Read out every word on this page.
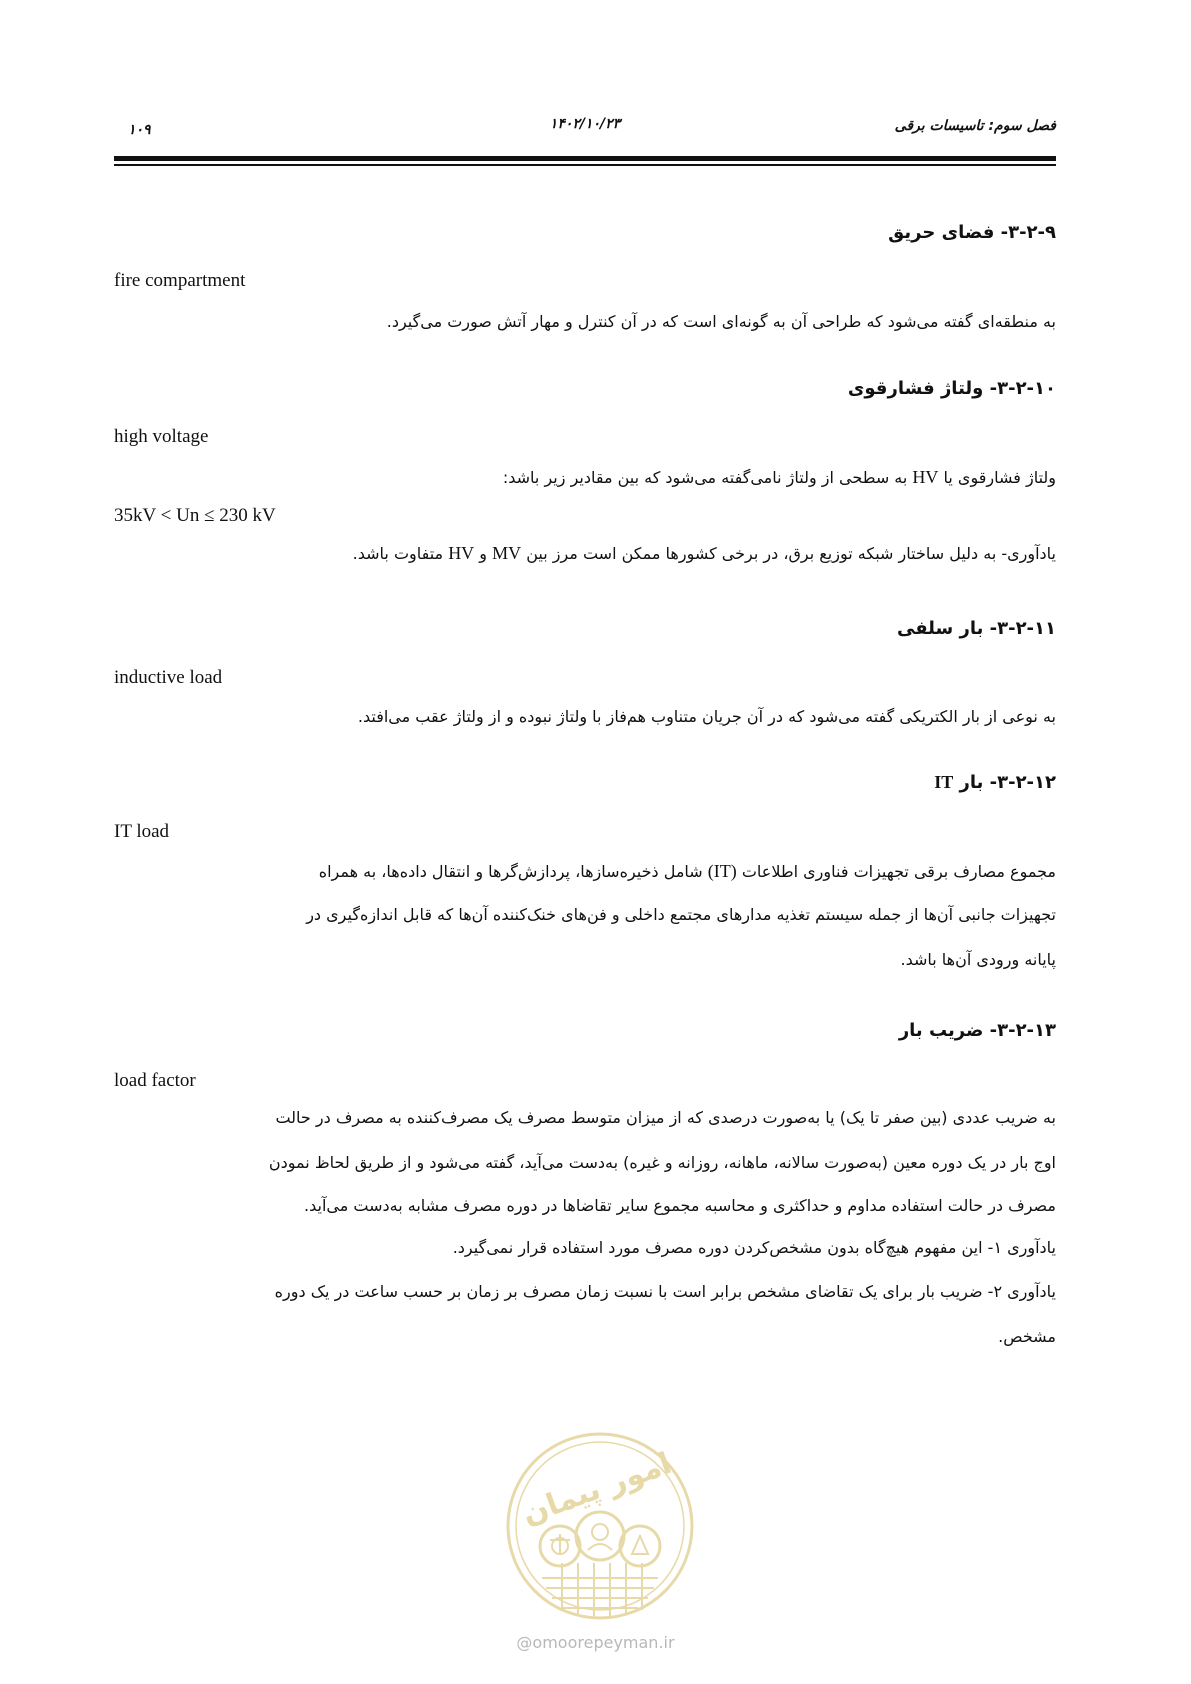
۱۰۹	۱۴۰۲/۱۰/۲۳	فصل سوم: تاسیسات برقی
۳-۲-۹- فضای حریق
fire compartment
به منطقه‌ای گفته می‌شود که طراحی آن به گونه‌ای است که در آن کنترل و مهار آتش صورت می‌گیرد.
۳-۲-۱۰- ولتاژ فشارقوی
high voltage
ولتاژ فشارقوی یا HV به سطحی از ولتاژ نامی‌گفته می‌شود که بین مقادیر زیر باشد:
35kV < Un ≤ 230 kV
یادآوری- به دلیل ساختار شبکه توزیع برق، در برخی کشورها ممکن است مرز بین MV و HV متفاوت باشد.
۳-۲-۱۱- بار سلفی
inductive load
به نوعی از بار الکتریکی گفته می‌شود که در آن جریان متناوب هم‌فاز با ولتاژ نبوده و از ولتاژ عقب می‌افتد.
۳-۲-۱۲- بار IT
IT load
مجموع مصارف برقی تجهیزات فناوری اطلاعات (IT) شامل ذخیره‌سازها، پردازش‌گرها و انتقال داده‌ها، به همراه
تجهیزات جانبی آن‌ها از جمله سیستم تغذیه مدارهای مجتمع داخلی و فن‌های خنک‌کننده آن‌ها که قابل اندازه‌گیری در
پایانه ورودی آن‌ها باشد.
۳-۲-۱۳- ضریب بار
load factor
به ضریب عددی (بین صفر تا یک) یا به‌صورت درصدی که از میزان متوسط مصرف یک مصرف‌کننده به مصرف در حالت
اوج بار در یک دوره معین (به‌صورت سالانه، ماهانه، روزانه و غیره) به‌دست می‌آید، گفته می‌شود و از طریق لحاظ نمودن
مصرف در حالت استفاده مداوم و حداکثری و محاسبه مجموع سایر تقاضاها در دوره مصرف مشابه به‌دست می‌آید.
یادآوری ۱- این مفهوم هیچ‌گاه بدون مشخص‌کردن دوره مصرف مورد استفاده قرار نمی‌گیرد.
یادآوری ۲- ضریب بار برای یک تقاضای مشخص برابر است با نسبت زمان مصرف بر زمان بر حسب ساعت در یک دوره
مشخص.
امور پیمان
@omoorepeyman.ir
